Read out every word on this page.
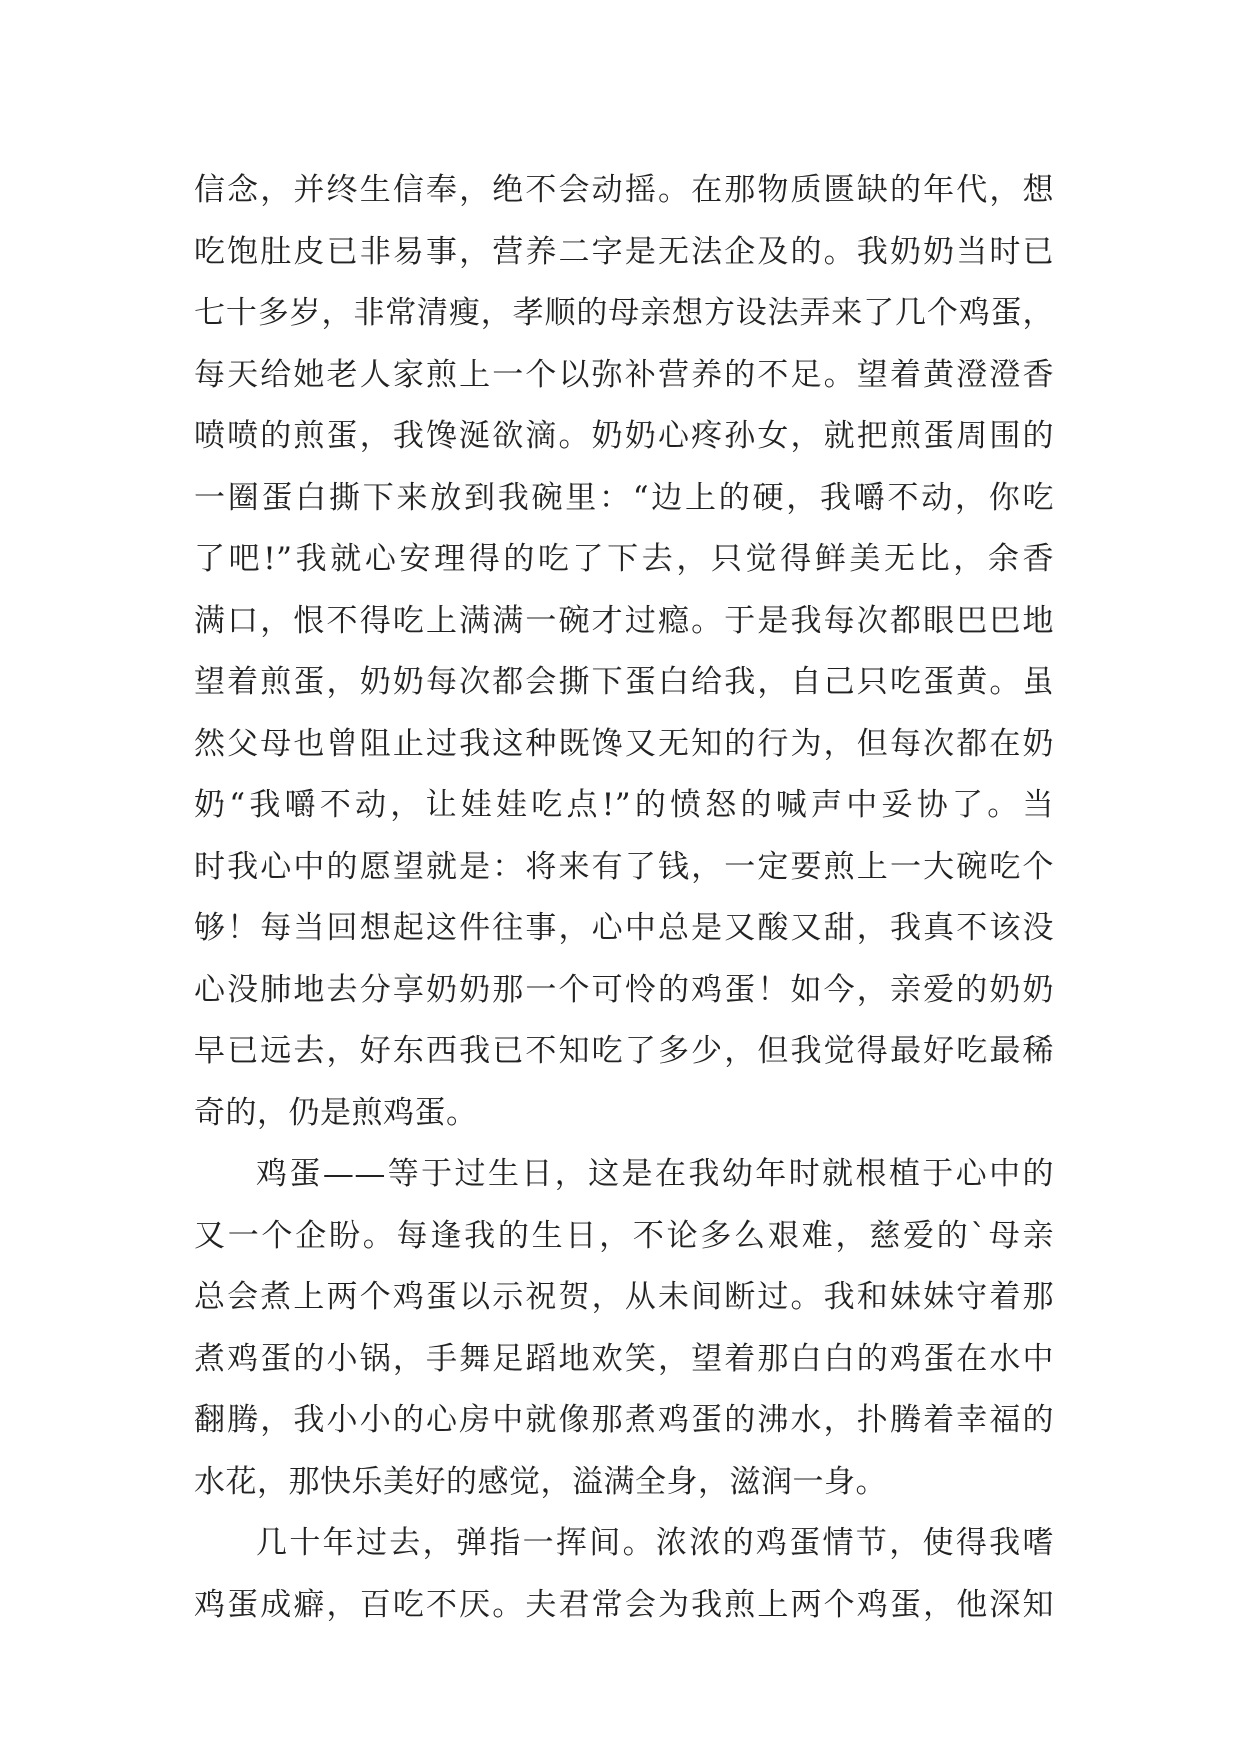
信念，并终生信奉，绝不会动摇。在那物质匮缺的年代，想
吃饱肚皮已非易事，营养二字是无法企及的。我奶奶当时已
七十多岁，非常清瘦，孝顺的母亲想方设法弄来了几个鸡蛋，
每天给她老人家煎上一个以弥补营养的不足。望着黄澄澄香
喷喷的煎蛋，我馋涎欲滴。奶奶心疼孙女，就把煎蛋周围的
一圈蛋白撕下来放到我碗里：“边上的硬，我嚼不动，你吃
了吧!”我就心安理得的吃了下去，只觉得鲜美无比，余香
满口，恨不得吃上满满一碗才过瘾。于是我每次都眼巴巴地
望着煎蛋，奶奶每次都会撕下蛋白给我，自己只吃蛋黄。虽
然父母也曾阻止过我这种既馋又无知的行为，但每次都在奶
奶“我嚼不动，让娃娃吃点!”的愤怒的喊声中妥协了。当
时我心中的愿望就是：将来有了钱，一定要煎上一大碗吃个
够！每当回想起这件往事，心中总是又酸又甜，我真不该没
心没肺地去分享奶奶那一个可怜的鸡蛋！如今，亲爱的奶奶
早已远去，好东西我已不知吃了多少，但我觉得最好吃最稀
奇的，仍是煎鸡蛋。
鸡蛋——等于过生日，这是在我幼年时就根植于心中的
又一个企盼。每逢我的生日，不论多么艰难，慈爱的`母亲
总会煮上两个鸡蛋以示祝贺，从未间断过。我和妹妹守着那
煮鸡蛋的小锅，手舞足蹈地欢笑，望着那白白的鸡蛋在水中
翻腾，我小小的心房中就像那煮鸡蛋的沸水，扑腾着幸福的
水花，那快乐美好的感觉，溢满全身，滋润一身。
几十年过去，弹指一挥间。浓浓的鸡蛋情节，使得我嗜
鸡蛋成癖，百吃不厌。夫君常会为我煎上两个鸡蛋，他深知
